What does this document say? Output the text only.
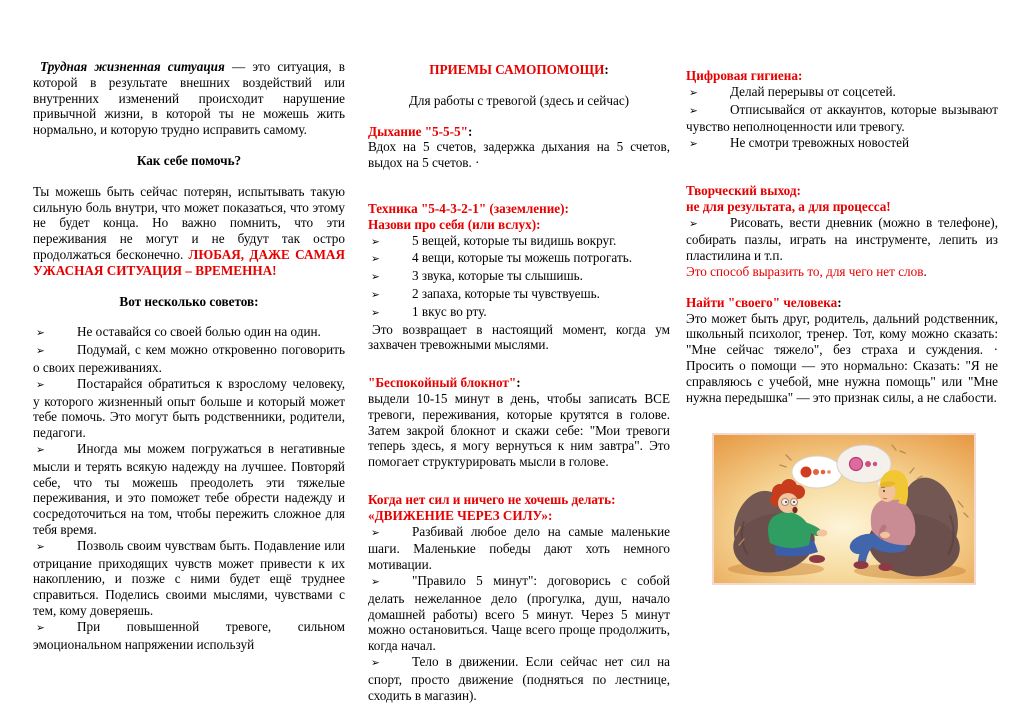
Трудная жизненная ситуация — это ситуация, в которой в результате внешних воздействий или внутренних изменений происходит нарушение привычной жизни, в которой ты не можешь жить нормально, и которую трудно исправить самому.

Как себе помочь?

Ты можешь быть сейчас потерян, испытывать такую сильную боль внутри, что может показаться, что этому не будет конца. Но важно помнить, что эти переживания не могут и не будут так остро продолжаться бесконечно. ЛЮБАЯ, ДАЖЕ САМАЯ УЖАСНАЯ СИТУАЦИЯ – ВРЕМЕННА!

Вот несколько советов:

➢ Не оставайся со своей болью один на один.

➢ Подумай, с кем можно откровенно поговорить о своих переживаниях.

➢ Постарайся обратиться к взрослому человеку, у которого жизненный опыт больше и который может тебе помочь. Это могут быть родственники, родители, педагоги.

➢ Иногда мы можем погружаться в негативные мысли и терять всякую надежду на лучшее. Повторяй себе, что ты можешь преодолеть эти тяжелые переживания, и это поможет тебе обрести надежду и сосредоточиться на том, чтобы пережить сложное для тебя время.

➢ Позволь своим чувствам быть. Подавление или отрицание приходящих чувств может привести к их накоплению, и позже с ними будет ещё труднее справиться. Поделись своими мыслями, чувствами с тем, кому доверяешь.

➢ При повышенной тревоге, сильном эмоциональном напряжении используй

ПРИЕМЫ САМОПОМОЩИ:

Для работы с тревогой (здесь и сейчас)

Дыхание "5-5-5":

Вдох на 5 счетов, задержка дыхания на 5 счетов, выдох на 5 счетов. ·

Техника "5-4-3-2-1" (заземление):

Назови про себя (или вслух):

➢ 5 вещей, которые ты видишь вокруг.

➢ 4 вещи, которые ты можешь потрогать.

➢ 3 звука, которые ты слышишь.

➢ 2 запаха, которые ты чувствуешь.

➢ 1 вкус во рту.

Это возвращает в настоящий момент, когда ум захвачен тревожными мыслями.

"Беспокойный блокнот":

выдели 10-15 минут в день, чтобы записать ВСЕ тревоги, переживания, которые крутятся в голове. Затем закрой блокнот и скажи себе: "Мои тревоги теперь здесь, я могу вернуться к ним завтра". Это помогает структурировать мысли в голове.

Когда нет сил и ничего не хочешь делать:

«ДВИЖЕНИЕ ЧЕРЕЗ СИЛУ»:

➢ Разбивай любое дело на самые маленькие шаги. Маленькие победы дают хоть немного мотивации.

➢ "Правило 5 минут": договорись с собой делать нежеланное дело (прогулка, душ, начало домашней работы) всего 5 минут. Через 5 минут можно остановиться. Чаще всего проще продолжить, когда начал.

➢ Тело в движении. Если сейчас нет сил на спорт, просто движение (подняться по лестнице, сходить в магазин).

Цифровая гигиена:

➢ Делай перерывы от соцсетей.

➢ Отписывайся от аккаунтов, которые вызывают чувство неполноценности или тревогу.

➢ Не смотри тревожных новостей

Творческий выход:

не для результата, а для процесса!

➢ Рисовать, вести дневник (можно в телефоне), собирать пазлы, играть на инструменте, лепить из пластилина и т.п.

Это способ выразить то, для чего нет слов.

Найти "своего" человека:

Это может быть друг, родитель, дальний родственник, школьный психолог, тренер. Тот, кому можно сказать: "Мне сейчас тяжело", без страха и суждения. · Просить о помощи — это нормально: Сказать: "Я не справляюсь с учебой, мне нужна помощь" или "Мне нужна передышка" — это признак силы, а не слабости.
